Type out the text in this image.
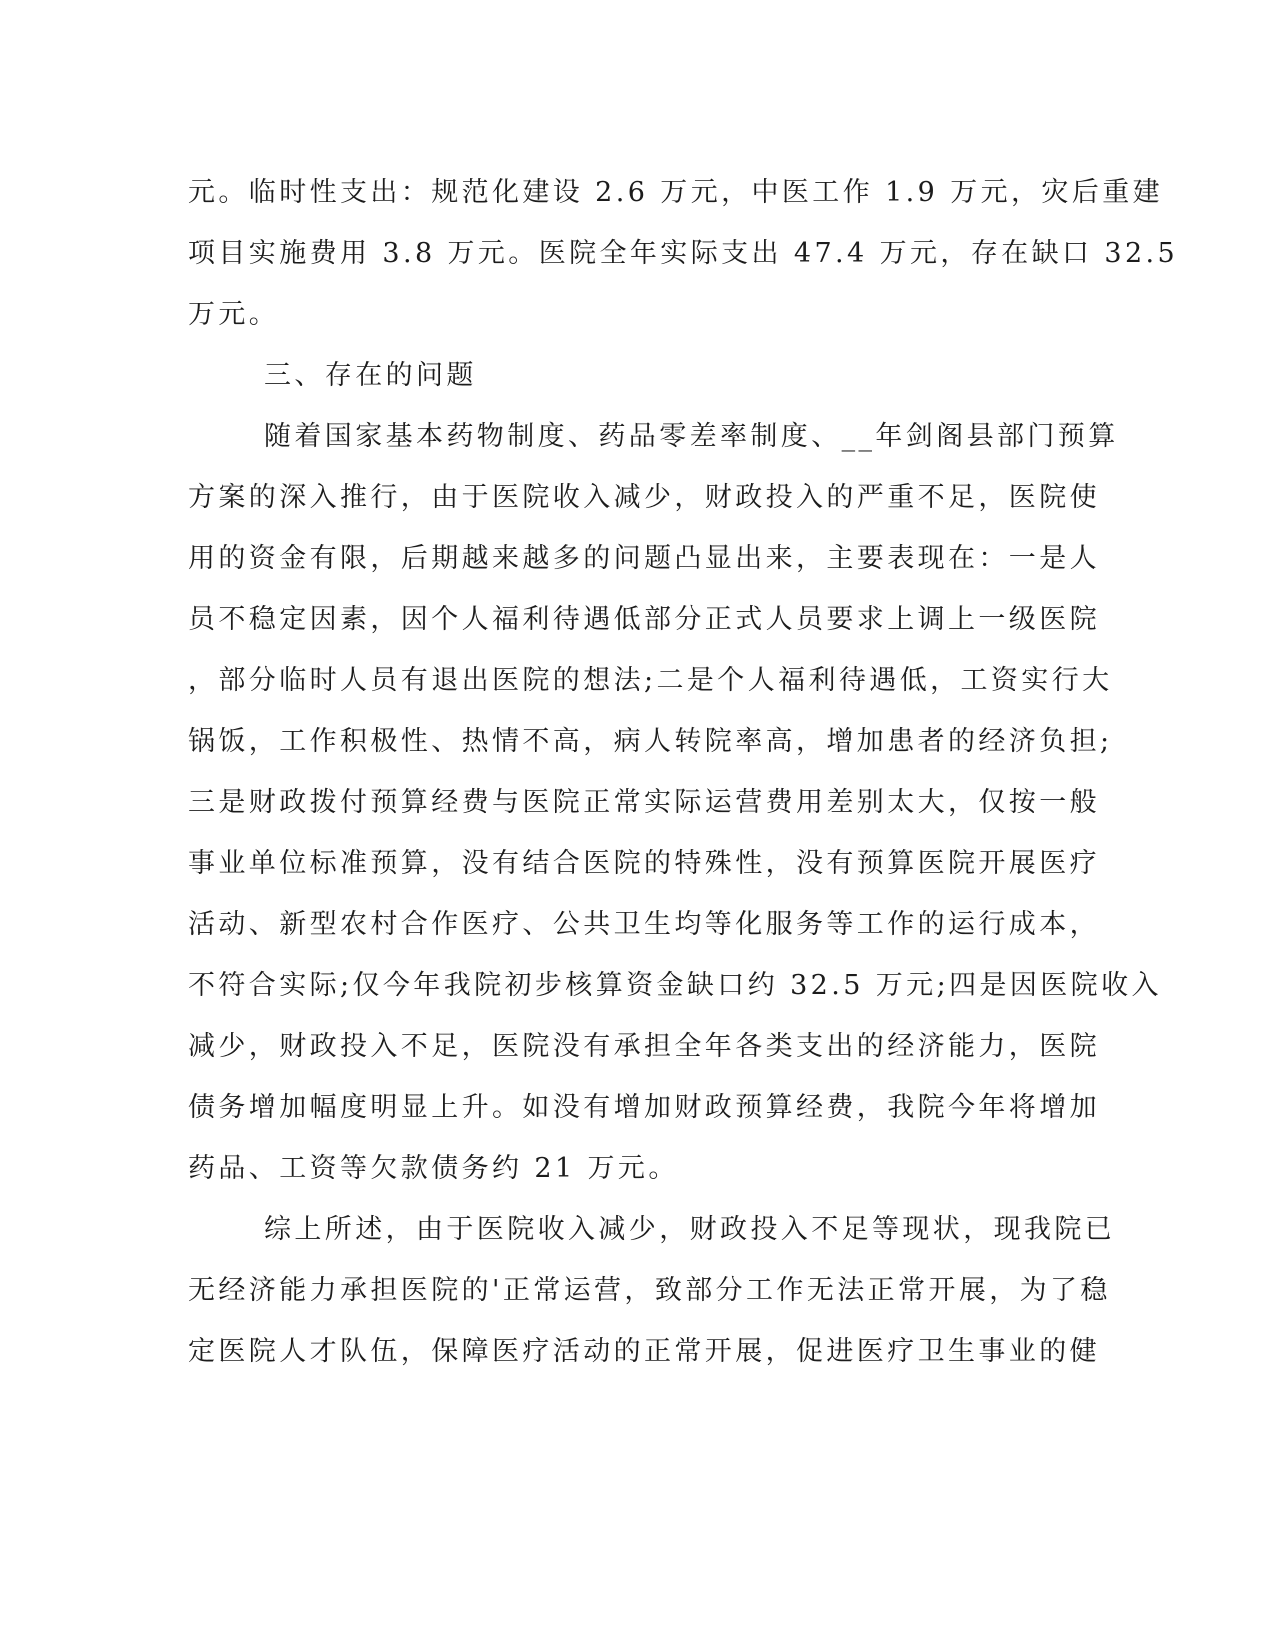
元。临时性支出：规范化建设 2.6 万元，中医工作 1.9 万元，灾后重建
项目实施费用 3.8 万元。医院全年实际支出 47.4 万元，存在缺口 32.5
万元。
三、存在的问题
随着国家基本药物制度、药品零差率制度、__年剑阁县部门预算
方案的深入推行，由于医院收入减少，财政投入的严重不足，医院使
用的资金有限，后期越来越多的问题凸显出来，主要表现在：一是人
员不稳定因素，因个人福利待遇低部分正式人员要求上调上一级医院
，部分临时人员有退出医院的想法;二是个人福利待遇低，工资实行大
锅饭，工作积极性、热情不高，病人转院率高，增加患者的经济负担;
三是财政拨付预算经费与医院正常实际运营费用差别太大，仅按一般
事业单位标准预算，没有结合医院的特殊性，没有预算医院开展医疗
活动、新型农村合作医疗、公共卫生均等化服务等工作的运行成本，
不符合实际;仅今年我院初步核算资金缺口约 32.5 万元;四是因医院收入
减少，财政投入不足，医院没有承担全年各类支出的经济能力，医院
债务增加幅度明显上升。如没有增加财政预算经费，我院今年将增加
药品、工资等欠款债务约 21 万元。
综上所述，由于医院收入减少，财政投入不足等现状，现我院已
无经济能力承担医院的'正常运营，致部分工作无法正常开展，为了稳
定医院人才队伍，保障医疗活动的正常开展，促进医疗卫生事业的健
